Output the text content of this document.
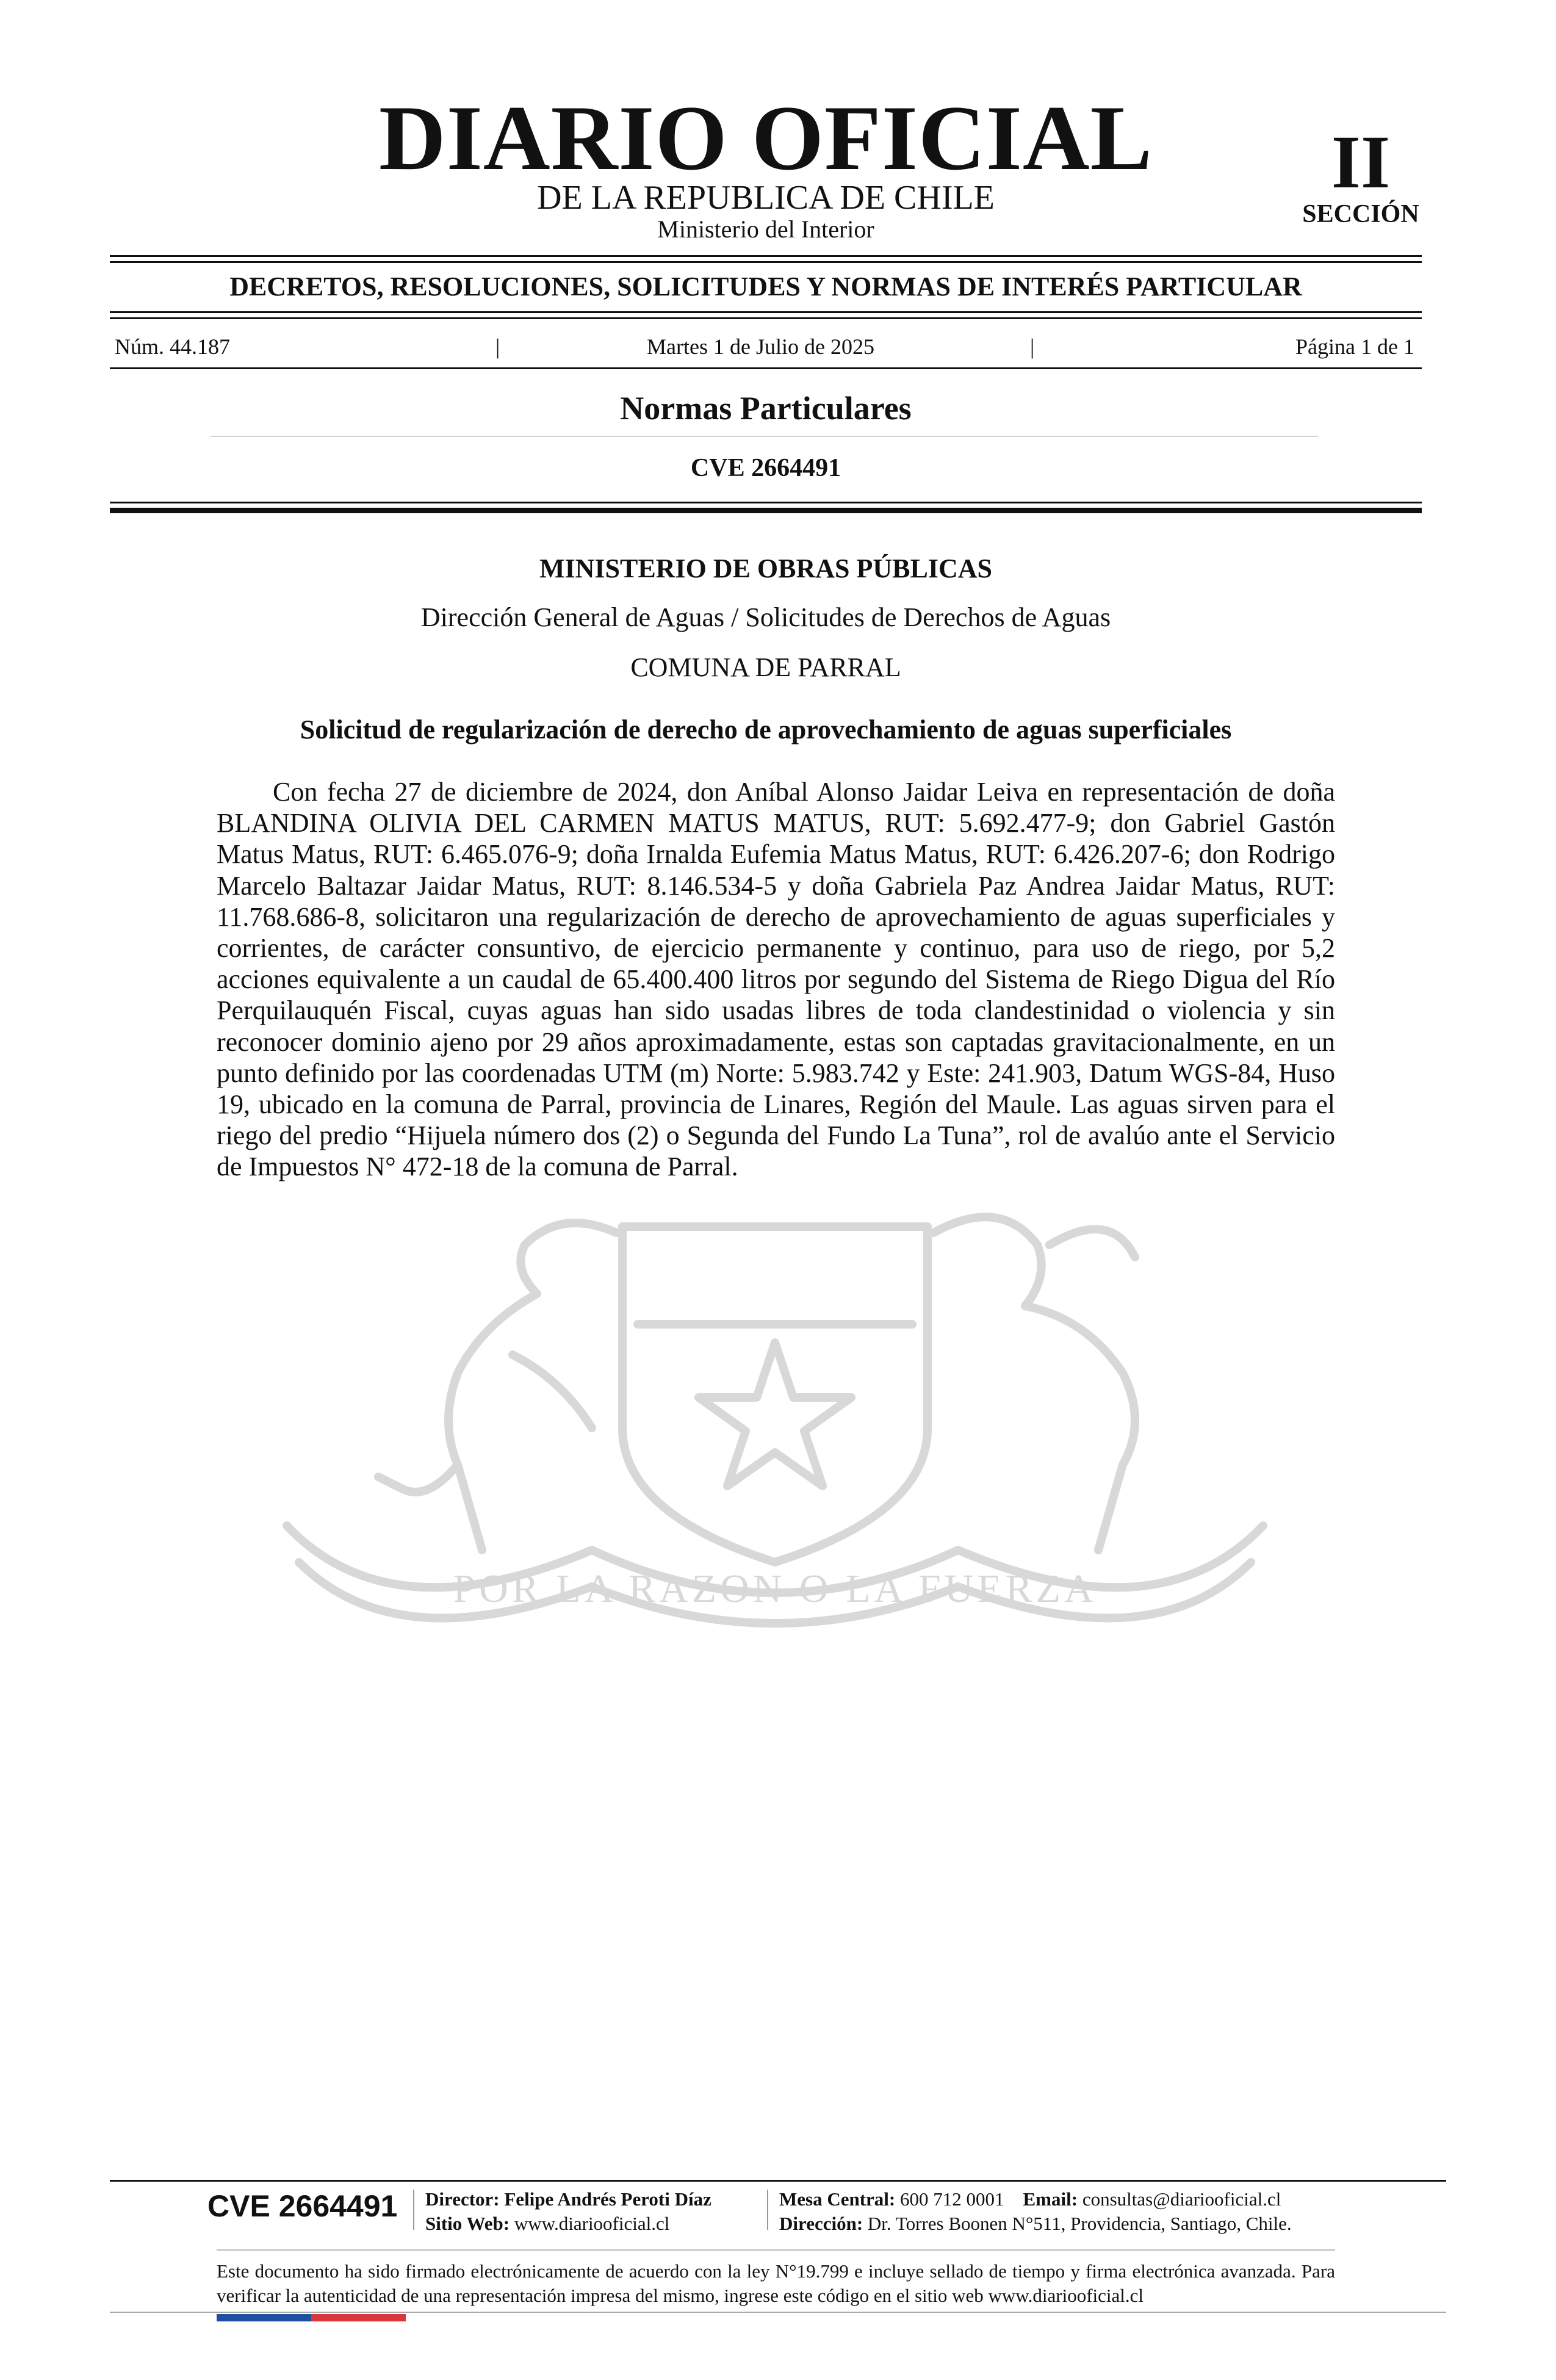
DIARIO OFICIAL
DE LA REPUBLICA DE CHILE
Ministerio del Interior
II
SECCIÓN
DECRETOS, RESOLUCIONES, SOLICITUDES Y NORMAS DE INTERÉS PARTICULAR
Núm. 44.187	|	Martes 1 de Julio de 2025	|	Página 1 de 1
Normas Particulares
CVE 2664491
POR LA RAZON O LA FUERZA
MINISTERIO DE OBRAS PÚBLICAS
Dirección General de Aguas / Solicitudes de Derechos de Aguas
COMUNA DE PARRAL
Solicitud de regularización de derecho de aprovechamiento de aguas superficiales

Con fecha 27 de diciembre de 2024, don Aníbal Alonso Jaidar Leiva en representación de doña BLANDINA OLIVIA DEL CARMEN MATUS MATUS, RUT: 5.692.477-9; don Gabriel Gastón Matus Matus, RUT: 6.465.076-9; doña Irnalda Eufemia Matus Matus, RUT: 6.426.207-6; don Rodrigo Marcelo Baltazar Jaidar Matus, RUT: 8.146.534-5 y doña Gabriela Paz Andrea Jaidar Matus, RUT: 11.768.686-8, solicitaron una regularización de derecho de aprovechamiento de aguas superficiales y corrientes, de carácter consuntivo, de ejercicio permanente y continuo, para uso de riego, por 5,2 acciones equivalente a un caudal de 65.400.400 litros por segundo del Sistema de Riego Digua del Río Perquilauquén Fiscal, cuyas aguas han sido usadas libres de toda clandestinidad o violencia y sin reconocer dominio ajeno por 29 años aproximadamente, estas son captadas gravitacionalmente, en un punto definido por las coordenadas UTM (m) Norte: 5.983.742 y Este: 241.903, Datum WGS-84, Huso 19, ubicado en la comuna de Parral, provincia de Linares, Región del Maule. Las aguas sirven para el riego del predio “Hijuela número dos (2) o Segunda del Fundo La Tuna”, rol de avalúo ante el Servicio de Impuestos N° 472-18 de la comuna de Parral.

CVE 2664491 Director: Felipe Andrés Peroti Díaz
Sitio Web: www.diariooficial.cl
Mesa Central: 600 712 0001 Email: consultas@diariooficial.cl
Dirección: Dr. Torres Boonen N°511, Providencia, Santiago, Chile.
Este documento ha sido firmado electrónicamente de acuerdo con la ley N°19.799 e incluye sellado de tiempo y firma electrónica avanzada. Para verificar la autenticidad de una representación impresa del mismo, ingrese este código en el sitio web www.diariooficial.cl
